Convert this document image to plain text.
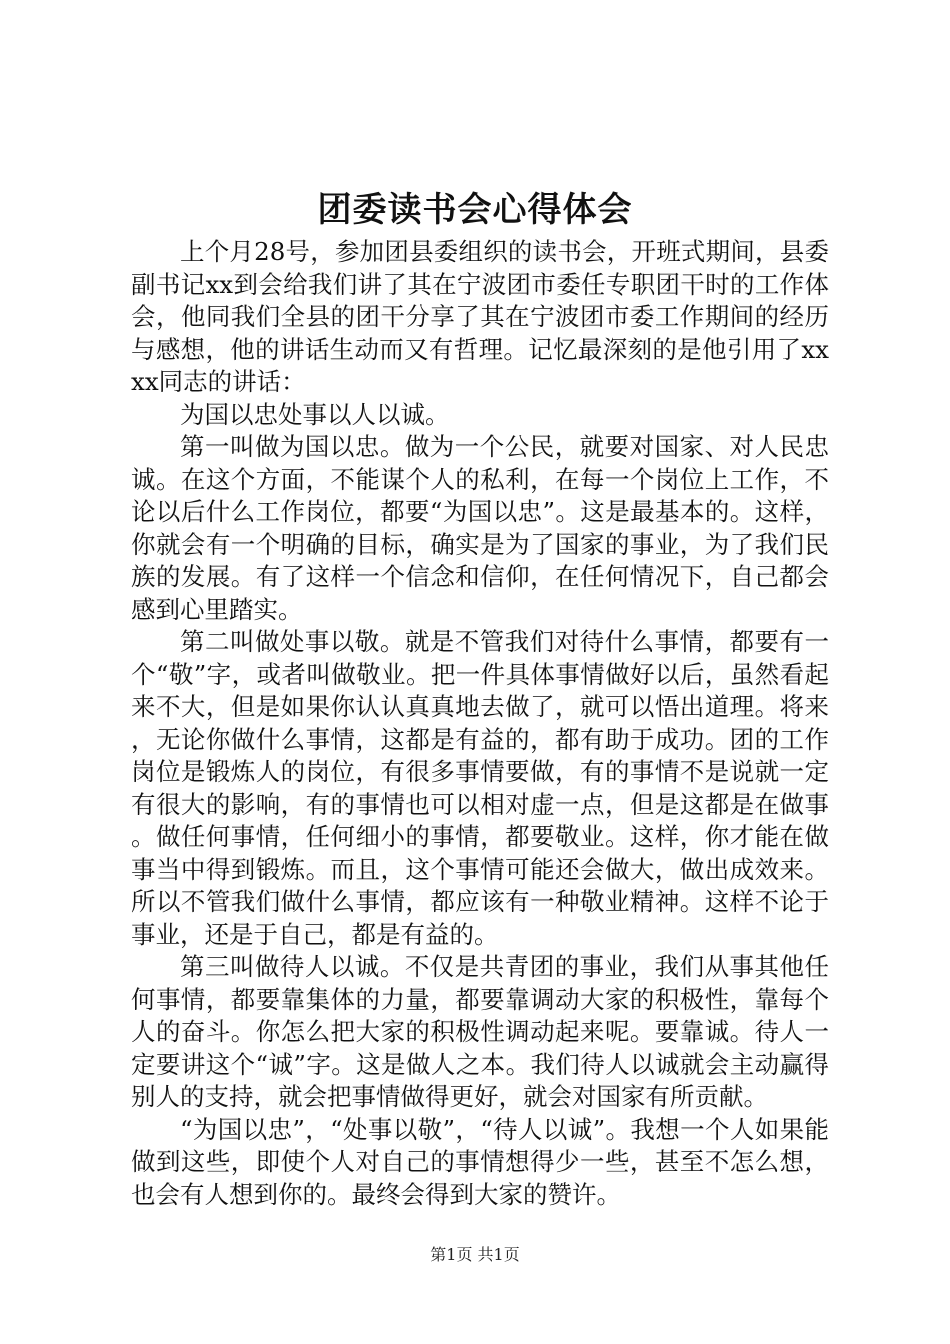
团委读书会心得体会

上个月28号，参加团县委组织的读书会，开班式期间，县委副书记xx到会给我们讲了其在宁波团市委任专职团干时的工作体会，他同我们全县的团干分享了其在宁波团市委工作期间的经历与感想，他的讲话生动而又有哲理。记忆最深刻的是他引用了xxxx同志的讲话：

为国以忠处事以人以诚。

第一叫做为国以忠。做为一个公民，就要对国家、对人民忠诚。在这个方面，不能谋个人的私利，在每一个岗位上工作，不论以后什么工作岗位，都要“为国以忠”。这是最基本的。这样，你就会有一个明确的目标，确实是为了国家的事业，为了我们民族的发展。有了这样一个信念和信仰，在任何情况下，自己都会感到心里踏实。

第二叫做处事以敬。就是不管我们对待什么事情，都要有一个“敬”字，或者叫做敬业。把一件具体事情做好以后，虽然看起来不大，但是如果你认认真真地去做了，就可以悟出道理。将来，无论你做什么事情，这都是有益的，都有助于成功。团的工作岗位是锻炼人的岗位，有很多事情要做，有的事情不是说就一定有很大的影响，有的事情也可以相对虚一点，但是这都是在做事。做任何事情，任何细小的事情，都要敬业。这样，你才能在做事当中得到锻炼。而且，这个事情可能还会做大，做出成效来。所以不管我们做什么事情，都应该有一种敬业精神。这样不论于事业，还是于自己，都是有益的。

第三叫做待人以诚。不仅是共青团的事业，我们从事其他任何事情，都要靠集体的力量，都要靠调动大家的积极性，靠每个人的奋斗。你怎么把大家的积极性调动起来呢。要靠诚。待人一定要讲这个“诚”字。这是做人之本。我们待人以诚就会主动赢得别人的支持，就会把事情做得更好，就会对国家有所贡献。

“为国以忠”，“处事以敬”，“待人以诚”。我想一个人如果能做到这些，即使个人对自己的事情想得少一些，甚至不怎么想，也会有人想到你的。最终会得到大家的赞许。

第1页 共1页
